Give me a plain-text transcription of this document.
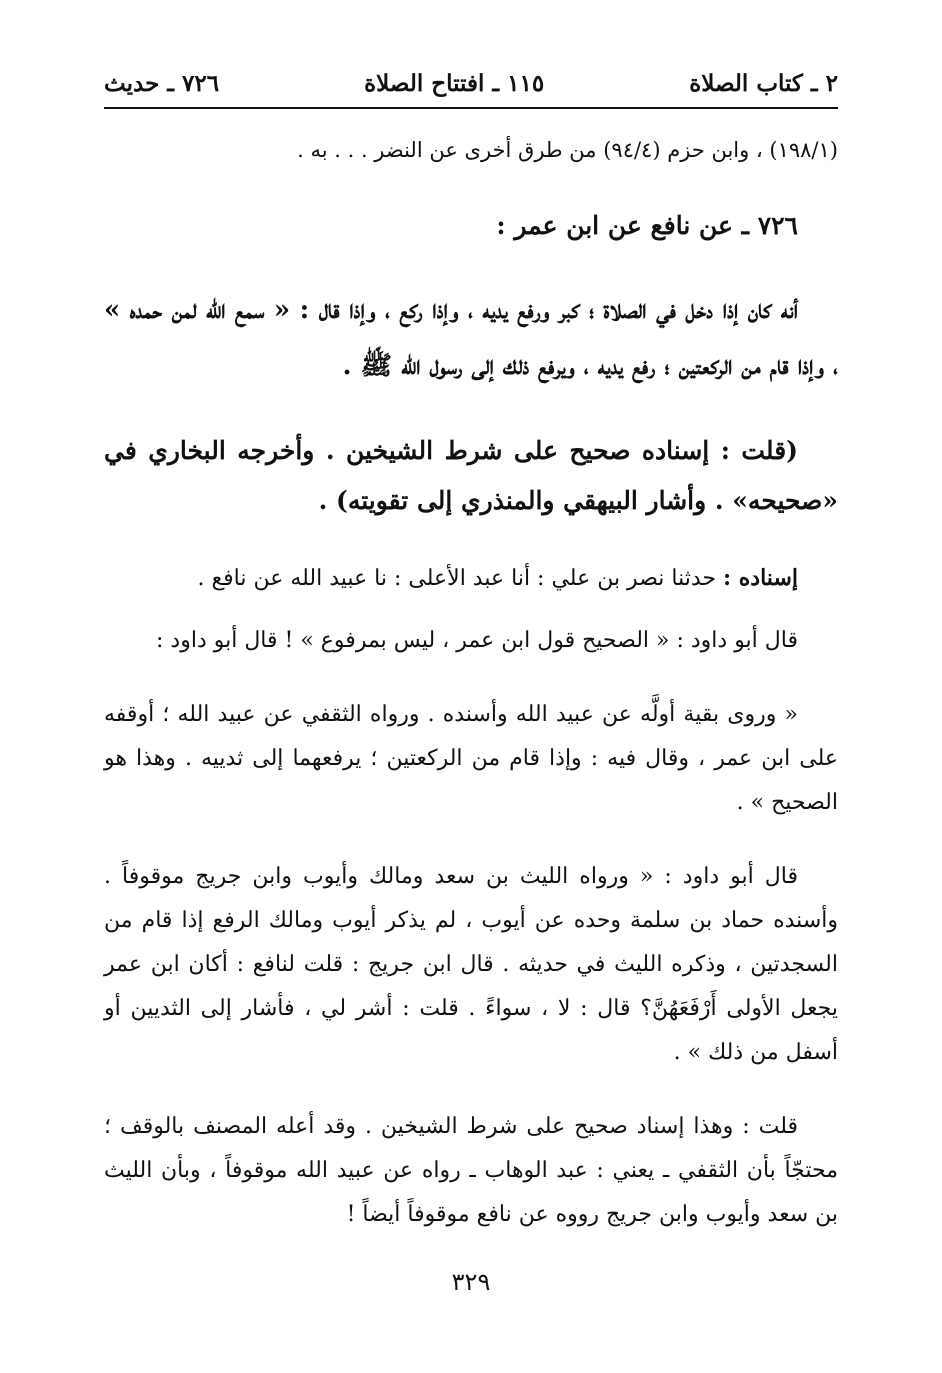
٢ ـ كتاب الصلاة
١١٥ ـ افتتاح الصلاة
٧٢٦ ـ حديث

(١٩٨/١) ، وابن حزم (٩٤/٤) من طرق أخرى عن النضر . . . به .

٧٢٦ ـ عن نافع عن ابن عمر :

أنه كان إذا دخل في الصلاة ؛ كبر ورفع يديه ، وإذا ركع ، وإذا قال : « سمع الله لمن حمده » ، وإذا قام من الركعتين ؛ رفع يديه ، ويرفع ذلك إلى رسول الله ﷺ .

(قلت : إسناده صحيح على شرط الشيخين . وأخرجه البخاري في «صحيحه» . وأشار البيهقي والمنذري إلى تقويته) .

إسناده : حدثنا نصر بن علي : أنا عبد الأعلى : نا عبيد الله عن نافع .

قال أبو داود : « الصحيح قول ابن عمر ، ليس بمرفوع » ! قال أبو داود :

« وروى بقية أولَّه عن عبيد الله وأسنده . ورواه الثقفي عن عبيد الله ؛ أوقفه على ابن عمر ، وقال فيه : وإذا قام من الركعتين ؛ يرفعهما إلى ثدييه . وهذا هو الصحيح » .

قال أبو داود : « ورواه الليث بن سعد ومالك وأيوب وابن جريج موقوفاً . وأسنده حماد بن سلمة وحده عن أيوب ، لم يذكر أيوب ومالك الرفع إذا قام من السجدتين ، وذكره الليث في حديثه . قال ابن جريج : قلت لنافع : أكان ابن عمر يجعل الأولى أَرْفَعَهُنَّ؟ قال : لا ، سواءً . قلت : أشر لي ، فأشار إلى الثديين أو أسفل من ذلك » .

قلت : وهذا إسناد صحيح على شرط الشيخين . وقد أعله المصنف بالوقف ؛ محتجّاً بأن الثقفي ـ يعني : عبد الوهاب ـ رواه عن عبيد الله موقوفاً ، وبأن الليث بن سعد وأيوب وابن جريج رووه عن نافع موقوفاً أيضاً !

٣٢٩
